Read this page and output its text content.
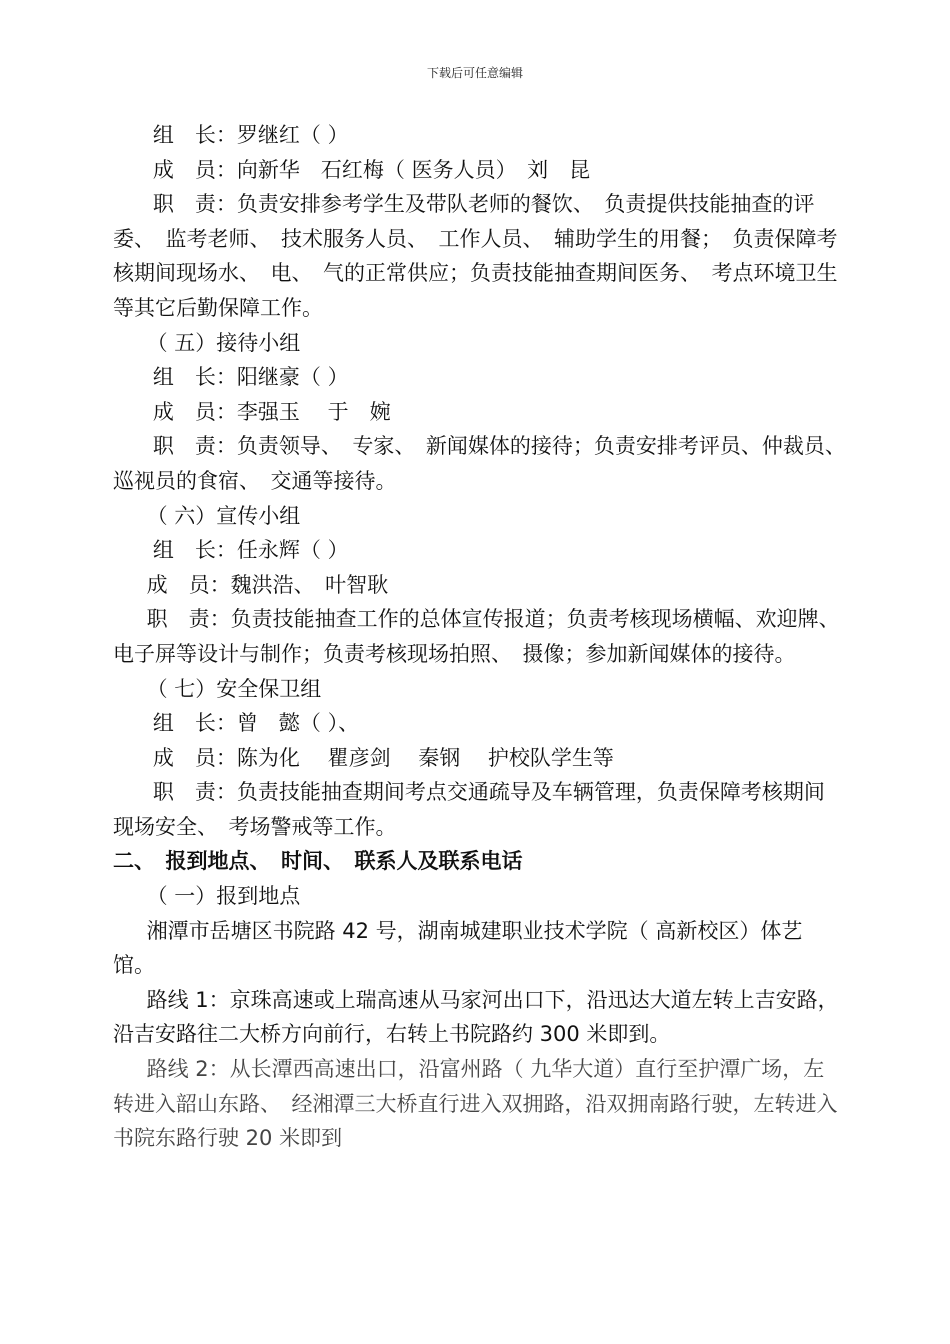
下载后可任意编辑

组　长：罗继红（ ）

成　员：向新华　石红梅（ 医务人员）　刘　昆

职　责：负责安排参考学生及带队老师的餐饮、　负责提供技能抽查的评委、　监考老师、　技术服务人员、　工作人员、　辅助学生的用餐；　负责保障考核期间现场水、　电、　气的正常供应；负责技能抽查期间医务、　考点环境卫生等其它后勤保障工作。

（ 五）接待小组

组　长：阳继豪（ ）

成　员：李强玉　 于　婉

职　责：负责领导、　专家、　新闻媒体的接待；负责安排考评员、仲裁员、　巡视员的食宿、　交通等接待。

（ 六）宣传小组

组　长：任永辉（ ）

成　员：魏洪浩、　叶智耿

职　责：负责技能抽查工作的总体宣传报道；负责考核现场横幅、欢迎牌、　电子屏等设计与制作；负责考核现场拍照、　摄像；参加新闻媒体的接待。

（ 七）安全保卫组

组　长：曾　懿（ ）、

成　员：陈为化　 瞿彦剑　 秦钢　 护校队学生等

职　责：负责技能抽查期间考点交通疏导及车辆管理，负责保障考核期间现场安全、　考场警戒等工作。

二、　报到地点、　时间、　联系人及联系电话

（ 一）报到地点

湘潭市岳塘区书院路 42 号，湖南城建职业技术学院（ 高新校区）体艺馆。

路线 1：京珠高速或上瑞高速从马家河出口下，沿迅达大道左转上吉安路，沿吉安路往二大桥方向前行，右转上书院路约 300 米即到。

路线 2：从长潭西高速出口，沿富州路（ 九华大道）直行至护潭广场，左转进入韶山东路、　经湘潭三大桥直行进入双拥路，沿双拥南路行驶，左转进入书院东路行驶 20 米即到
